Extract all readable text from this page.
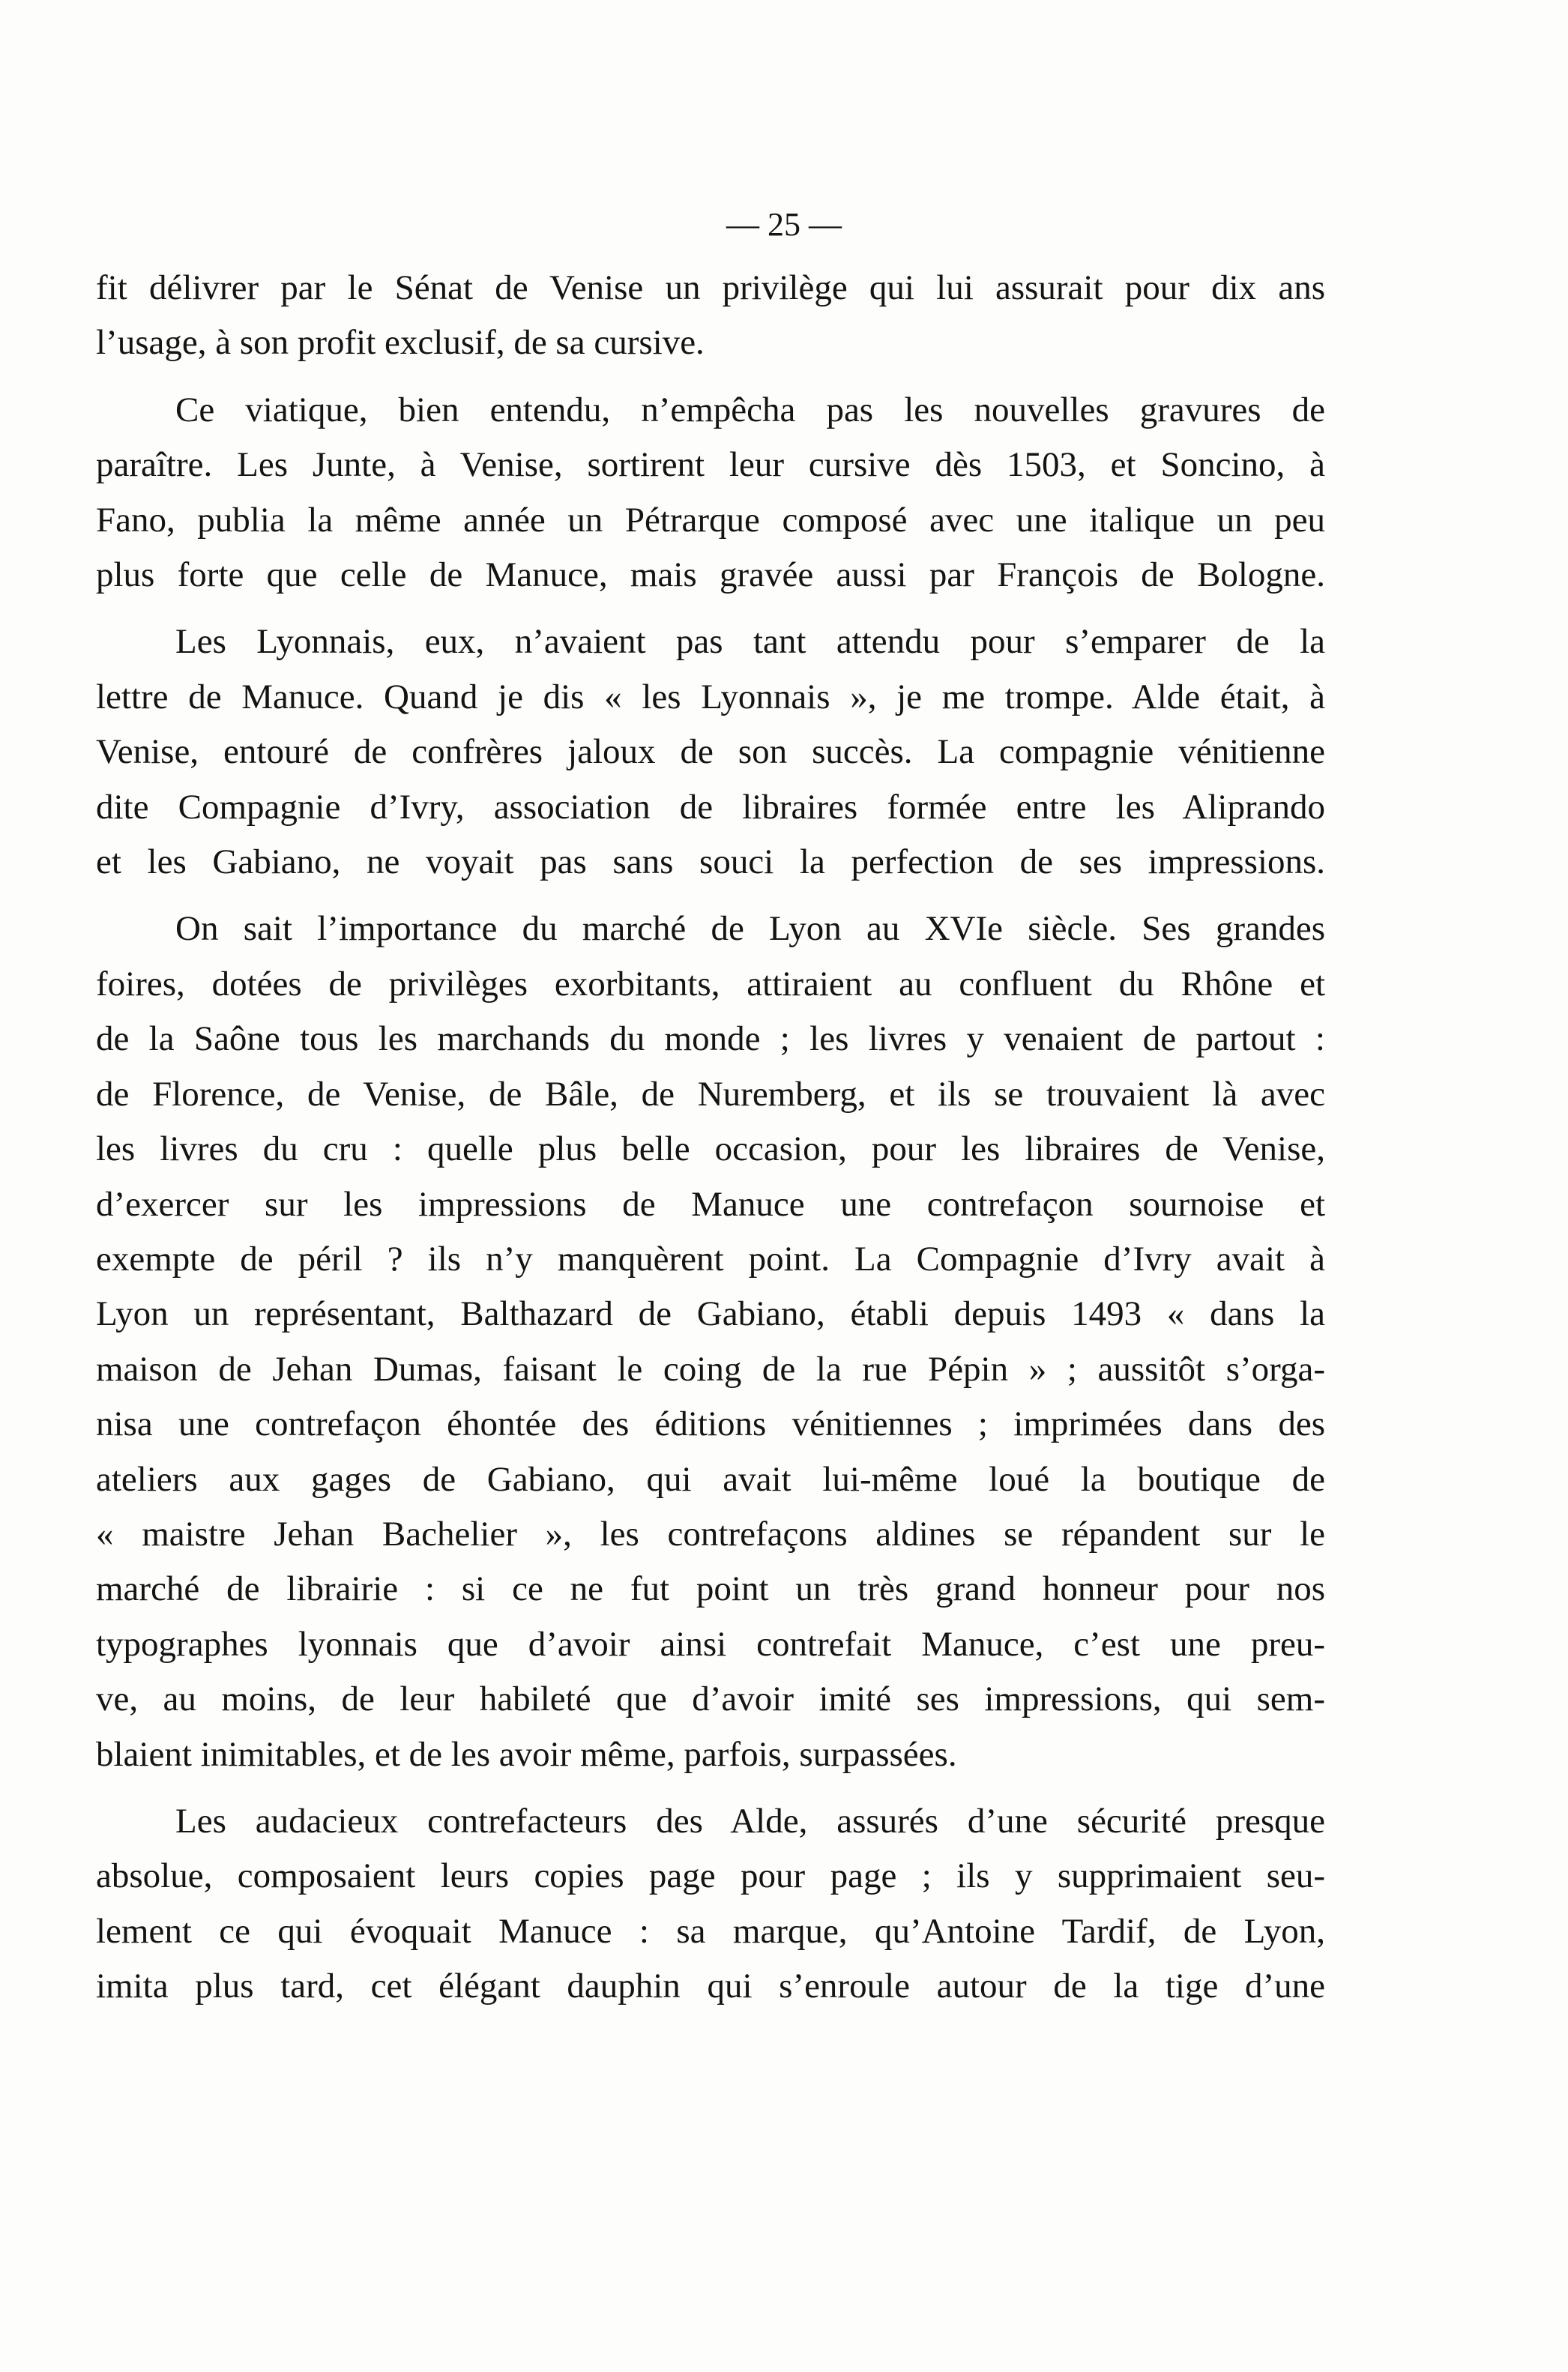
— 25 —
fit délivrer par le Sénat de Venise un privilège qui lui assurait pour dix ans
l’usage, à son profit exclusif, de sa cursive.
Ce viatique, bien entendu, n’empêcha pas les nouvelles gravures de
paraître. Les Junte, à Venise, sortirent leur cursive dès 1503, et Soncino, à
Fano, publia la même année un Pétrarque composé avec une italique un peu
plus forte que celle de Manuce, mais gravée aussi par François de Bologne.
Les Lyonnais, eux, n’avaient pas tant attendu pour s’emparer de la
lettre de Manuce. Quand je dis « les Lyonnais », je me trompe. Alde était, à
Venise, entouré de confrères jaloux de son succès. La compagnie vénitienne
dite Compagnie d’Ivry, association de libraires formée entre les Aliprando
et les Gabiano, ne voyait pas sans souci la perfection de ses impressions.
On sait l’importance du marché de Lyon au XVIe siècle. Ses grandes
foires, dotées de privilèges exorbitants, attiraient au confluent du Rhône et
de la Saône tous les marchands du monde ; les livres y venaient de partout :
de Florence, de Venise, de Bâle, de Nuremberg, et ils se trouvaient là avec
les livres du cru : quelle plus belle occasion, pour les libraires de Venise,
d’exercer sur les impressions de Manuce une contrefaçon sournoise et
exempte de péril ? ils n’y manquèrent point. La Compagnie d’Ivry avait à
Lyon un représentant, Balthazard de Gabiano, établi depuis 1493 « dans la
maison de Jehan Dumas, faisant le coing de la rue Pépin » ; aussitôt s’orga-
nisa une contrefaçon éhontée des éditions vénitiennes ; imprimées dans des
ateliers aux gages de Gabiano, qui avait lui-même loué la boutique de
« maistre Jehan Bachelier », les contrefaçons aldines se répandent sur le
marché de librairie : si ce ne fut point un très grand honneur pour nos
typographes lyonnais que d’avoir ainsi contrefait Manuce, c’est une preu-
ve, au moins, de leur habileté que d’avoir imité ses impressions, qui sem-
blaient inimitables, et de les avoir même, parfois, surpassées.
Les audacieux contrefacteurs des Alde, assurés d’une sécurité presque
absolue, composaient leurs copies page pour page ; ils y supprimaient seu-
lement ce qui évoquait Manuce : sa marque, qu’Antoine Tardif, de Lyon,
imita plus tard, cet élégant dauphin qui s’enroule autour de la tige d’une
